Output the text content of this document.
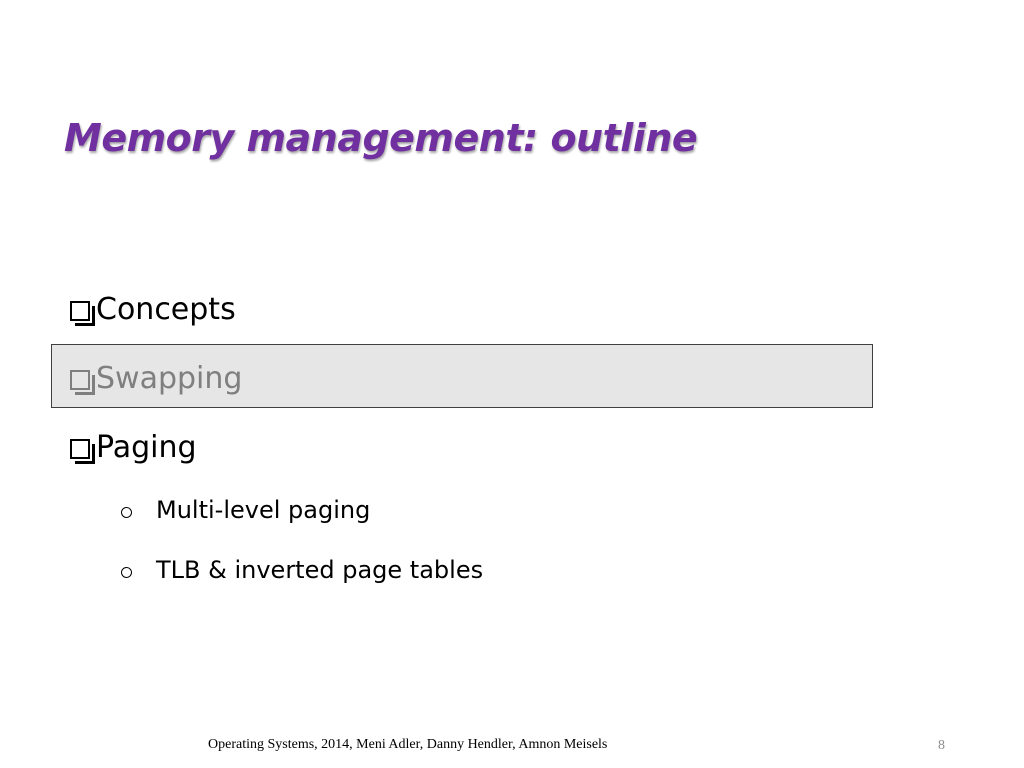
Memory management: outline
Concepts
Swapping
Paging
Multi-level paging
TLB & inverted page tables
Operating Systems, 2014, Meni Adler, Danny Hendler, Amnon Meisels	8
